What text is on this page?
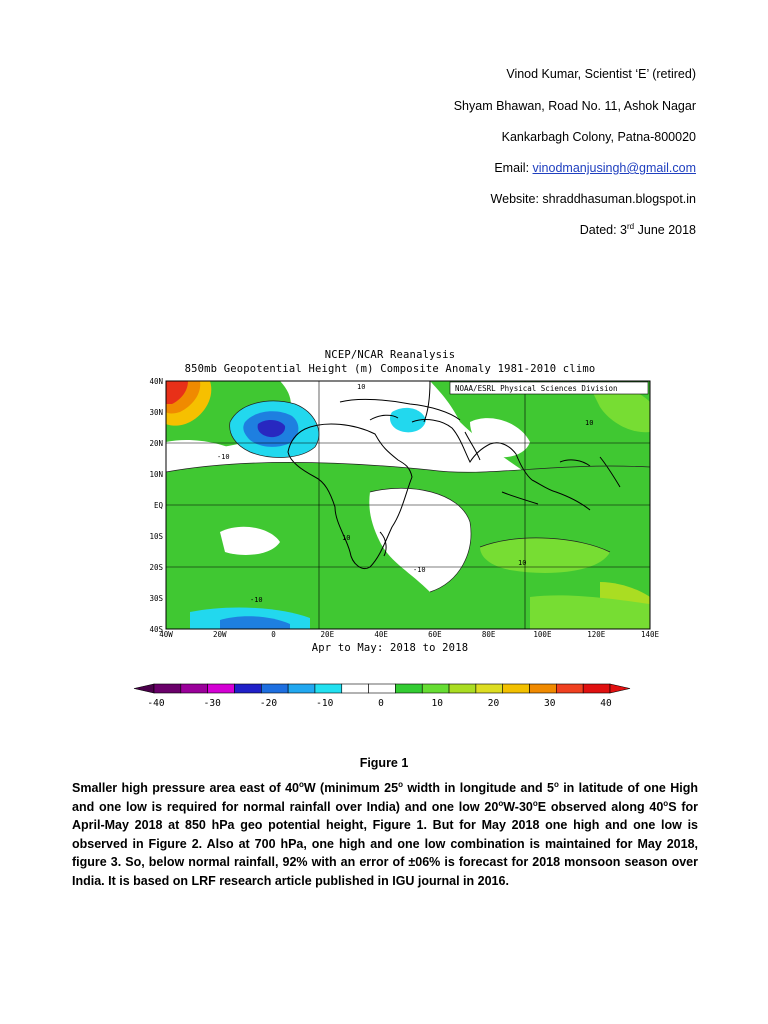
Vinod Kumar, Scientist ‘E’ (retired)
Shyam Bhawan, Road No. 11, Ashok Nagar
Kankarbagh Colony, Patna-800020
Email: vinodmanjusingh@gmail.com
Website: shraddhasuman.blogspot.in
Dated: 3rd June 2018
NCEP/NCAR Reanalysis
850mb Geopotential Height (m) Composite Anomaly 1981-2010 climo
10
-10
10
-10
10
10
-10
NOAA/ESRL Physical Sciences Division
40N
30N
20N
10N
EQ
10S
20S
30S
40S
40W	20W	0	20E	40E	60E	80E	100E	120E	140E
Apr to May: 2018 to 2018
-40	-30	-20	-10	0	10	20	30	40
Figure 1
Smaller high pressure area east of 40$^o$W (minimum 25$^o$ width in longitude and 5$^o$ in latitude of one High and one low is required for normal rainfall over India) and one low 20$^o$W-30$^o$E observed along 40$^o$S for April-May 2018 at 850 hPa geo potential height, Figure 1. But for May 2018 one high and one low is observed in Figure 2. Also at 700 hPa, one high and one low combination is maintained for May 2018, figure 3. So, below normal rainfall, 92% with an error of ±06% is forecast for 2018 monsoon season over India. It is based on LRF research article published in IGU journal in 2016.
